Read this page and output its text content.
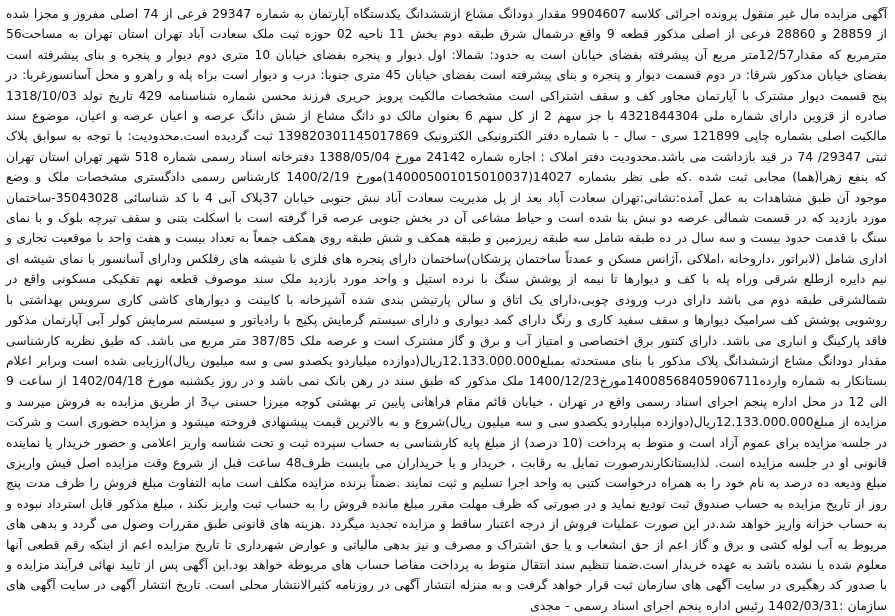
آگهی مزایده مال غیر منقول پرونده اجرائی کلاسه 9904607 مقدار دودانگ مشاع ازششدانگ یکدستگاه آپارتمان به شماره 29347 فرعی از 74 اصلی مفروز و مجزا شده از 28859 و 28860 فرعی از اصلی مذکور قطعه 9 واقع درشمال شرق طبقه دوم بخش 11 ناحیه 02 حوزه ثبت ملک سعادت آباد تهران استان تهران به مساحت56 مترمربع که مقدار12/57متر مربع آن پیشرفته بفضای خیابان است به حدود: شمالا: اول دیوار و پنجره بفضای خیابان 10 متری دوم دیوار و پنجره و بنای پیشرفته است بفضای خیابان مذکور شرقا: در دوم قسمت دیوار و پنجره و بنای پیشرفته است بفضای خیابان 45 متری جنوبا: درب و دیوار است براه پله و راهرو و محل آسانسورغربا: در پنج قسمت دیوار مشترک با آپارتمان مجاور کف و سقف اشتراکی است مشخصات مالکیت پرویز حریری فرزند محسن شماره شناسنامه 429 تاریخ تولد 1318/10/03 صادره از قزوین دارای شماره ملی 4321844304 با جز سهم 2 از کل سهم 6 بعنوان مالک دو دانگ مشاع از شش دانگ عرصه و اعیان عرصه و اعیان، موضوع سند مالکیت اصلی بشماره چاپی 121899 سری - سال - با شماره دفتر الکترونیکی الکترونیک 139820301145017869 ثبت گردیده است.محدودیت: با توجه به سوابق پلاک ثبتی 29347/ 74 در قید بازداشت می باشد.محدودیت دفتر املاک : اجاره شماره 24142 مورخ 1388/05/04 دفترخانه اسناد رسمی شماره 518 شهر تهران استان تهران که بنفع زهرا(هما) مجابی ثبت شده .که طی نظر بشماره 14027(140005001015010037)مورخ 1400/2/19 کارشناس رسمی دادگستری مشخصات ملک و وضع موجود آن طبق مشاهدات به عمل آمده:نشانی:تهران سعادت آباد بعد از پل مدیریت سعادت آباد نبش جنوبی خیابان 37پلاک آبی 4 با کد شناسائی 35043028-ساختمان مورد بازدید که در قسمت شمالی عرصه دو نبش بنا شده است و حیاط مشاعی آن در بخش جنوبی عرصه قرا گرفته است با اسکلت بتنی و سقف تیرچه بلوک و با نمای سنگ با قدمت حدود بیست و سه سال در ده طبقه شامل سه طبقه زیرزمین و طبقه همکف و شش طبقه روی همکف جمعاً به تعداد بیست و هفت واحد با موقعیت تجاری و اداری شامل (لابراتور ،داروخانه ،املاکی ،آژانس مسکن و عمدتاً ساختمان پزشکان)ساختمان دارای پنجره های فلزی با شیشه های رفلکس ودارای آسانسور با نمای شیشه ای نیم دایره ازطلع شرقی وراه پله با کف و دیوارها تا نیمه از پوشش سنگ با نرده استیل و واحد مورد بازدید ملک سند موصوف قطعه نهم تفکیکی مسکونی واقع در شمالشرقی طبقه دوم می باشد دارای درب ورودی چوبی،دارای یک اتاق و سالن پارتیشن بندی شده آشپزخانه با کابینت و دیوارهای کاشی کاری سرویس بهداشتی با روشویی پوشش کف سرامیک دیوارها و سقف سفید کاری و رنگ دارای کمد دیواری و دارای سیستم گرمایش پکیج با رادیاتور و سیستم سرمایش کولر آبی آپارتمان مذکور فاقد پارکینگ و انباری می باشد. دارای کنتور برق اختصاصی و امتیاز آب و برق و گاز مشترک است و عرصه ملک 387/85 متر مربع می باشد. که طبق نظریه کارشناسی مقدار دودانگ مشاع ازششدانگ پلاک مذکور با بنای مستحدثه بمبلغ12.133.000.000ریال(دوازده میلیاردو یکصدو سی و سه میلیون ریال)ارزیابی شده است وبرابر اعلام بستانکار به شماره وارده14008568405906711مورخ1400/12/23 ملک مذکور که طبق سند در رهن بانک نمی باشد و در روز یکشنبه مورخ 1402/04/18 از ساعت 9 الی 12 در محل اداره پنجم اجرای اسناد رسمی واقع در تهران ، خیابان قائم مقام فراهانی پایین تر بهشتی کوچه میرزا حسنی پ3 از طریق مزایده به فروش میرسد و مزایده از مبلغ12.133.000.000ریال(دوازده میلیاردو یکصدو سی و سه میلیون ریال)شروع و به بالاترین قیمت پیشنهادی فروخته میشود و مزایده حضوری است و شرکت در جلسه مزایده برای عموم آزاد است و منوط به پرداخت (10 درصد) از مبلغ پایه کارشناسی به حساب سپرده ثبت و تحت شناسه واریز اعلامی و حضور خریدار یا نماینده قانونی او در جلسه مزایده است. لذابستانکارندرصورت تمایل به رقابت ، خریدار و یا خریداران می بایست ظرف48 ساعت قبل از شروع وقت مزایده اصل فیش واریزی مبلغ ودیعه ده درصد به نام خود را به همراه درخواست کتبی به واحد اجرا تسلیم و ثبت نمایند .ضمناً برنده مزایده مکلف است مابه التفاوت مبلغ فروش را ظرف مدت پنج روز از تاریخ مزایده به حساب صندوق ثبت تودیع نماید و در صورتی که ظرف مهلت مقرر مبلغ مانده فروش را به حساب ثبت واریز نکند ، مبلغ مذکور قابل استرداد نبوده و به حساب خزانه واریز خواهد شد.در این صورت عملیات فروش از درجه اعتبار ساقط و مزایده تجدید میگردد .هزینه های قانونی طبق مقررات وصول می گردد و بدهی های مربوط به آب لوله کشی و برق و گاز اعم از حق انشعاب و یا حق اشتراک و مصرف و نیز بدهی مالیاتی و عوارض شهرداری تا تاریخ مزایده اعم از اینکه رقم قطعی آنها معلوم شده یا نشده باشد به عهده خریدار است.ضمنا تنظیم سند انتقال منوط به پرداخت مفاصا حساب های مربوطه خواهد بود.این آگهی پس از تایید نهائی فرآیند مزایده و با صدور کد رهگیری در سایت آگهی های سازمان ثبت قرار خواهد گرفت و به منزله انتشار آگهی در روزنامه کثیرالانتشار محلی است. تاریخ انتشار آگهی در سایت آگهی های سازمان :1402/03/31 رئیس اداره پنجم اجرای اسناد رسمی - مجدی
